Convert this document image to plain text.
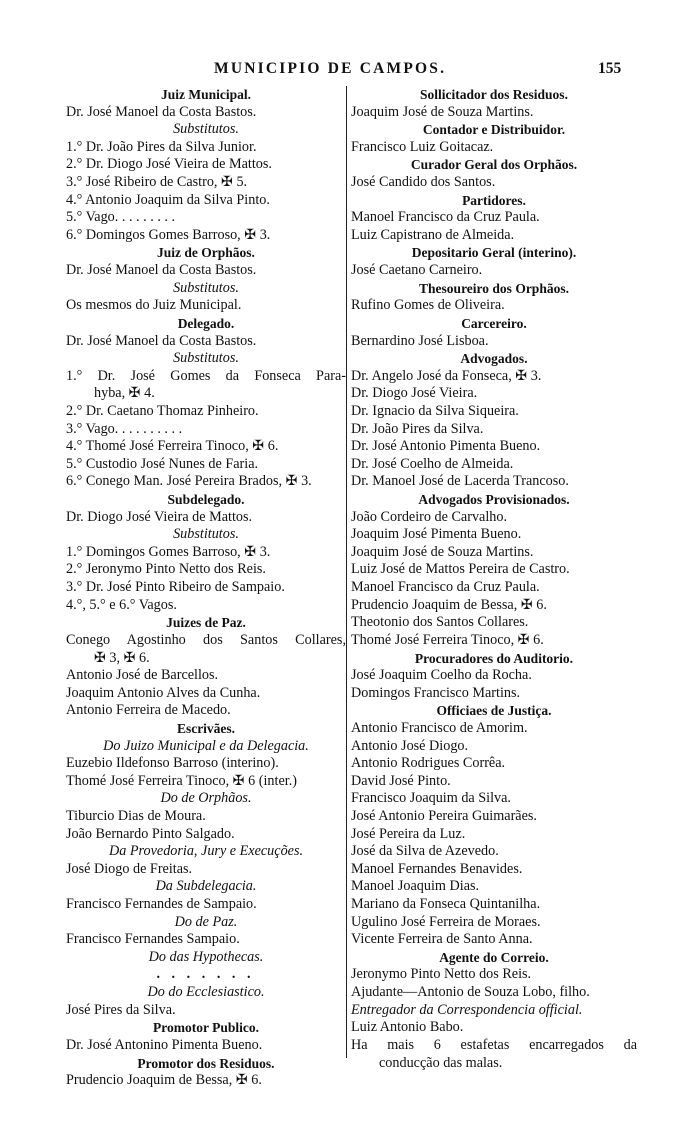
MUNICIPIO DE CAMPOS.	155
Juiz Municipal.
Dr. José Manoel da Costa Bastos.
Substitutos.
1.° Dr. João Pires da Silva Junior.
2.° Dr. Diogo José Vieira de Mattos.
3.° José Ribeiro de Castro, ✠ 5.
4.° Antonio Joaquim da Silva Pinto.
5.° Vago. . . . . . . . .
6.° Domingos Gomes Barroso, ✠ 3.
Juiz de Orphãos.
Dr. José Manoel da Costa Bastos.
Substitutos.
Os mesmos do Juiz Municipal.
Delegado.
Dr. José Manoel da Costa Bastos.
Substitutos.
1.° Dr. José Gomes da Fonseca Para-
hyba, ✠ 4.
2.° Dr. Caetano Thomaz Pinheiro.
3.° Vago. . . . . . . . . .
4.° Thomé José Ferreira Tinoco, ✠ 6.
5.° Custodio José Nunes de Faria.
6.° Conego Man. José Pereira Brados, ✠ 3.
Subdelegado.
Dr. Diogo José Vieira de Mattos.
Substitutos.
1.° Domingos Gomes Barroso, ✠ 3.
2.° Jeronymo Pinto Netto dos Reis.
3.° Dr. José Pinto Ribeiro de Sampaio.
4.°, 5.° e 6.° Vagos.
Juizes de Paz.
Conego Agostinho dos Santos Collares,
✠ 3, ✠ 6.
Antonio José de Barcellos.
Joaquim Antonio Alves da Cunha.
Antonio Ferreira de Macedo.
Escrivães.
Do Juizo Municipal e da Delegacia.
Euzebio Ildefonso Barroso (interino).
Thomé José Ferreira Tinoco, ✠ 6 (inter.)
Do de Orphãos.
Tiburcio Dias de Moura.
João Bernardo Pinto Salgado.
Da Provedoria, Jury e Execuções.
José Diogo de Freitas.
Da Subdelegacia.
Francisco Fernandes de Sampaio.
Do de Paz.
Francisco Fernandes Sampaio.
Do das Hypothecas.
. . . . . . .
Do do Ecclesiastico.
José Pires da Silva.
Promotor Publico.
Dr. José Antonino Pimenta Bueno.
Promotor dos Residuos.
Prudencio Joaquim de Bessa, ✠ 6.
Sollicitador dos Residuos.
Joaquim José de Souza Martins.
Contador e Distribuidor.
Francisco Luiz Goitacaz.
Curador Geral dos Orphãos.
José Candido dos Santos.
Partidores.
Manoel Francisco da Cruz Paula.
Luiz Capistrano de Almeida.
Depositario Geral (interino).
José Caetano Carneiro.
Thesoureiro dos Orphãos.
Rufino Gomes de Oliveira.
Carcereiro.
Bernardino José Lisboa.
Advogados.
Dr. Angelo José da Fonseca, ✠ 3.
Dr. Diogo José Vieira.
Dr. Ignacio da Silva Siqueira.
Dr. João Pires da Silva.
Dr. José Antonio Pimenta Bueno.
Dr. José Coelho de Almeida.
Dr. Manoel José de Lacerda Trancoso.
Advogados Provisionados.
João Cordeiro de Carvalho.
Joaquim José Pimenta Bueno.
Joaquim José de Souza Martins.
Luiz José de Mattos Pereira de Castro.
Manoel Francisco da Cruz Paula.
Prudencio Joaquim de Bessa, ✠ 6.
Theotonio dos Santos Collares.
Thomé José Ferreira Tinoco, ✠ 6.
Procuradores do Auditorio.
José Joaquim Coelho da Rocha.
Domingos Francisco Martins.
Officiaes de Justiça.
Antonio Francisco de Amorim.
Antonio José Diogo.
Antonio Rodrigues Corrêa.
David José Pinto.
Francisco Joaquim da Silva.
José Antonio Pereira Guimarães.
José Pereira da Luz.
José da Silva de Azevedo.
Manoel Fernandes Benavides.
Manoel Joaquim Dias.
Mariano da Fonseca Quintanilha.
Ugulino José Ferreira de Moraes.
Vicente Ferreira de Santo Anna.
Agente do Correio.
Jeronymo Pinto Netto dos Reis.
Ajudante—Antonio de Souza Lobo, filho.
Entregador da Correspondencia official.
Luiz Antonio Babo.
Ha mais 6 estafetas encarregados da
conducção das malas.
